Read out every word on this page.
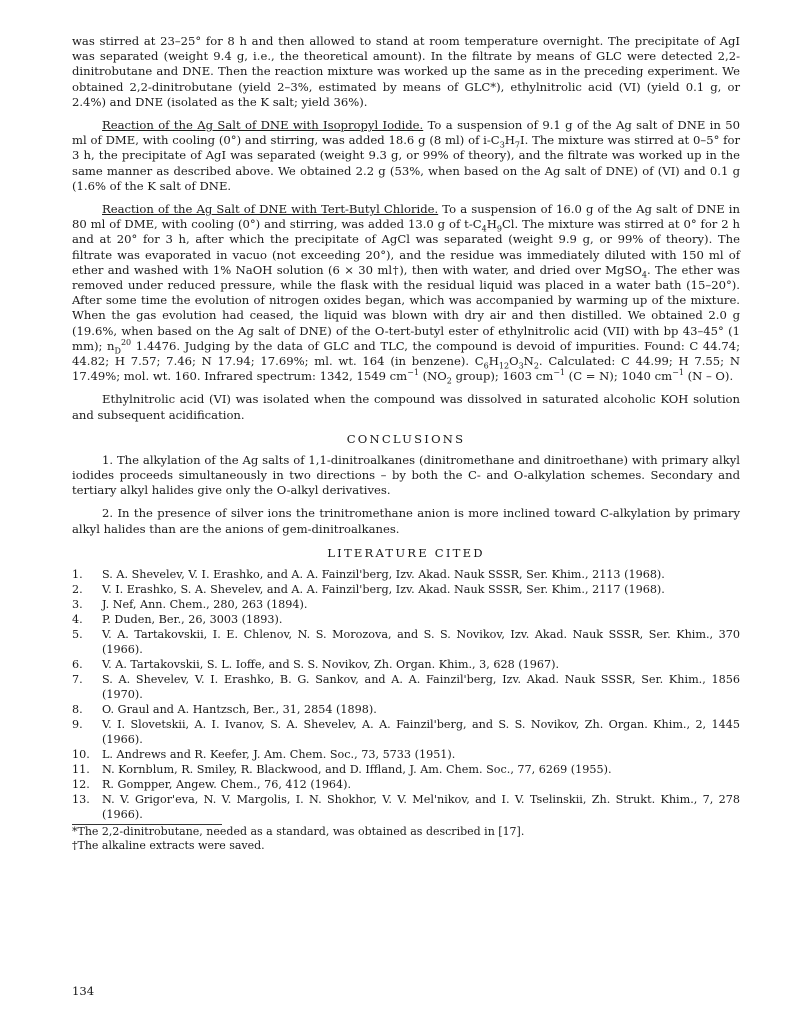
was stirred at 23–25° for 8 h and then allowed to stand at room temperature overnight. The precipitate of AgI was separated (weight 9.4 g, i.e., the theoretical amount). In the filtrate by means of GLC were detected 2,2-dinitrobutane and DNE. Then the reaction mixture was worked up the same as in the preceding experiment. We obtained 2,2-dinitrobutane (yield 2–3%, estimated by means of GLC*), ethylnitrolic acid (VI) (yield 0.1 g, or 2.4%) and DNE (isolated as the K salt; yield 36%).

Reaction of the Ag Salt of DNE with Isopropyl Iodide. To a suspension of 9.1 g of the Ag salt of DNE in 50 ml of DME, with cooling (0°) and stirring, was added 18.6 g (8 ml) of $i-C_3H_7I$. The mixture was stirred at 0–5° for 3 h, the precipitate of AgI was separated (weight 9.3 g, or 99% of theory), and the filtrate was worked up in the same manner as described above. We obtained 2.2 g (53%, when based on the Ag salt of DNE) of (VI) and 0.1 g (1.6% of the K salt of DNE.

Reaction of the Ag Salt of DNE with Tert-Butyl Chloride. To a suspension of 16.0 g of the Ag salt of DNE in 80 ml of DME, with cooling (0°) and stirring, was added 13.0 g of $t-C_4H_9Cl$. The mixture was stirred at 0° for 2 h and at 20° for 3 h, after which the precipitate of AgCl was separated (weight 9.9 g, or 99% of theory). The filtrate was evaporated in vacuo (not exceeding 20°), and the residue was immediately diluted with 150 ml of ether and washed with 1% NaOH solution (6 × 30 ml†), then with water, and dried over MgSO$_4$. The ether was removed under reduced pressure, while the flask with the residual liquid was placed in a water bath (15–20°). After some time the evolution of nitrogen oxides began, which was accompanied by warming up of the mixture. When the gas evolution had ceased, the liquid was blown with dry air and then distilled. We obtained 2.0 g (19.6%, when based on the Ag salt of DNE) of the O-tert-butyl ester of ethylnitrolic acid (VII) with bp 43–45° (1 mm); $n_D^{20}$ 1.4476. Judging by the data of GLC and TLC, the compound is devoid of impurities. Found: C 44.74; 44.82; H 7.57; 7.46; N 17.94; 17.69%; ml. wt. 164 (in benzene). $C_6H_{12}O_3N_2$. Calculated: C 44.99; H 7.55; N 17.49%; mol. wt. 160. Infrared spectrum: 1342, 1549 $cm^{-1}$ ($NO_2$ group); 1603 $cm^{-1}$ (C = N); 1040 $cm^{-1}$ (N – O).

Ethylnitrolic acid (VI) was isolated when the compound was dissolved in saturated alcoholic KOH solution and subsequent acidification.

CONCLUSIONS

1. The alkylation of the Ag salts of 1,1-dinitroalkanes (dinitromethane and dinitroethane) with primary alkyl iodides proceeds simultaneously in two directions – by both the C- and O-alkylation schemes. Secondary and tertiary alkyl halides give only the O-alkyl derivatives.

2. In the presence of silver ions the trinitromethane anion is more inclined toward C-alkylation by primary alkyl halides than are the anions of gem-dinitroalkanes.

LITERATURE CITED
1.	S. A. Shevelev, V. I. Erashko, and A. A. Fainzil'berg, Izv. Akad. Nauk SSSR, Ser. Khim., 2113 (1968).
2.	V. I. Erashko, S. A. Shevelev, and A. A. Fainzil'berg, Izv. Akad. Nauk SSSR, Ser. Khim., 2117 (1968).
3.	J. Nef, Ann. Chem., 280, 263 (1894).
4.	P. Duden, Ber., 26, 3003 (1893).
5.	V. A. Tartakovskii, I. E. Chlenov, N. S. Morozova, and S. S. Novikov, Izv. Akad. Nauk SSSR, Ser. Khim., 370 (1966).
6.	V. A. Tartakovskii, S. L. Ioffe, and S. S. Novikov, Zh. Organ. Khim., 3, 628 (1967).
7.	S. A. Shevelev, V. I. Erashko, B. G. Sankov, and A. A. Fainzil'berg, Izv. Akad. Nauk SSSR, Ser. Khim., 1856 (1970).
8.	O. Graul and A. Hantzsch, Ber., 31, 2854 (1898).
9.	V. I. Slovetskii, A. I. Ivanov, S. A. Shevelev, A. A. Fainzil'berg, and S. S. Novikov, Zh. Organ. Khim., 2, 1445 (1966).
10.	L. Andrews and R. Keefer, J. Am. Chem. Soc., 73, 5733 (1951).
11.	N. Kornblum, R. Smiley, R. Blackwood, and D. Iffland, J. Am. Chem. Soc., 77, 6269 (1955).
12.	R. Gompper, Angew. Chem., 76, 412 (1964).
13.	N. V. Grigor'eva, N. V. Margolis, I. N. Shokhor, V. V. Mel'nikov, and I. V. Tselinskii, Zh. Strukt. Khim., 7, 278 (1966).
*The 2,2-dinitrobutane, needed as a standard, was obtained as described in [17].
†The alkaline extracts were saved.
134
